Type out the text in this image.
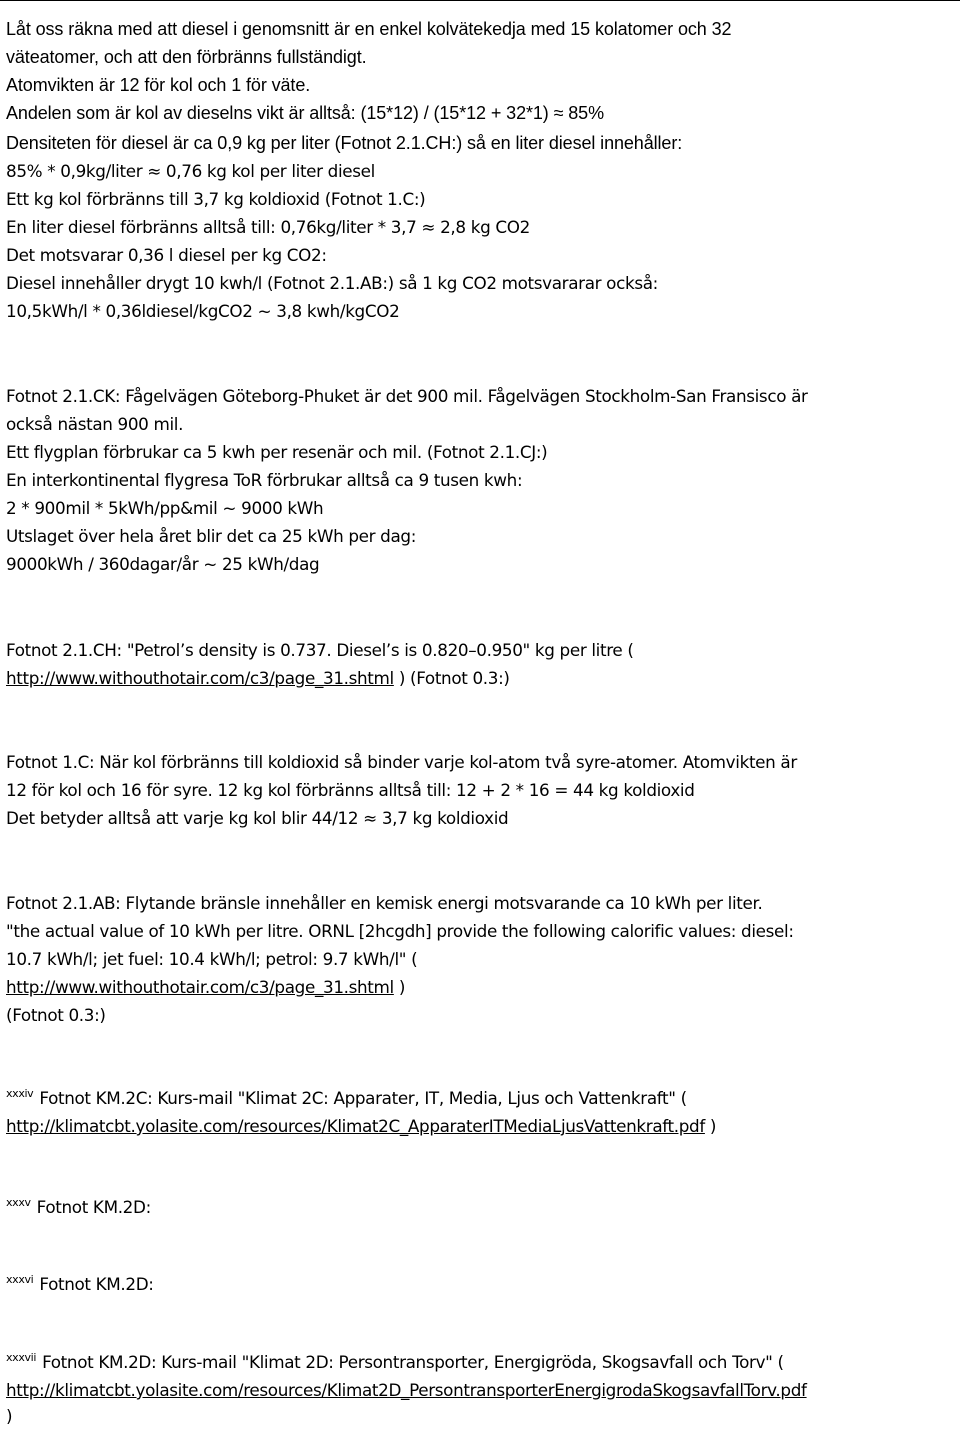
Låt oss räkna med att diesel i genomsnitt är en enkel kolvätekedja med 15 kolatomer och 32
väteatomer, och att den förbränns fullständigt.
Atomvikten är 12 för kol och 1 för väte.
Andelen som är kol av dieselns vikt är alltså: (15*12) / (15*12 + 32*1) ≈ 85%
Densiteten för diesel är ca 0,9 kg per liter (Fotnot 2.1.CH:) så en liter diesel innehåller:
85% * 0,9kg/liter ≈ 0,76 kg kol per liter diesel
Ett kg kol förbränns till 3,7 kg koldioxid (Fotnot 1.C:)
En liter diesel förbränns alltså till: 0,76kg/liter * 3,7 ≈ 2,8 kg CO2
Det motsvarar 0,36 l diesel per kg CO2:
Diesel innehåller drygt 10 kwh/l (Fotnot 2.1.AB:) så 1 kg CO2 motsvararar också:
10,5kWh/l * 0,36ldiesel/kgCO2 ~ 3,8 kwh/kgCO2
Fotnot 2.1.CK: Fågelvägen Göteborg-Phuket är det 900 mil. Fågelvägen Stockholm-San Fransisco är
också nästan 900 mil.
Ett flygplan förbrukar ca 5 kwh per resenär och mil. (Fotnot 2.1.CJ:)
En interkontinental flygresa ToR förbrukar alltså ca 9 tusen kwh:
2 * 900mil * 5kWh/pp&mil ~ 9000 kWh
Utslaget över hela året blir det ca 25 kWh per dag:
9000kWh / 360dagar/år ~ 25 kWh/dag
Fotnot 2.1.CH: "Petrol’s density is 0.737. Diesel’s is 0.820–0.950" kg per litre (
http://www.withouthotair.com/c3/page_31.shtml ) (Fotnot 0.3:)
Fotnot 1.C: När kol förbränns till koldioxid så binder varje kol-atom två syre-atomer. Atomvikten är
12 för kol och 16 för syre. 12 kg kol förbränns alltså till: 12 + 2 * 16 = 44 kg koldioxid
Det betyder alltså att varje kg kol blir 44/12 ≈ 3,7 kg koldioxid
Fotnot 2.1.AB: Flytande bränsle innehåller en kemisk energi motsvarande ca 10 kWh per liter.
"the actual value of 10 kWh per litre. ORNL [2hcgdh] provide the following calorific values: diesel:
10.7 kWh/l; jet fuel: 10.4 kWh/l; petrol: 9.7 kWh/l" (
http://www.withouthotair.com/c3/page_31.shtml )
(Fotnot 0.3:)
$^{xxxiv}$ Fotnot KM.2C: Kurs-mail "Klimat 2C: Apparater, IT, Media, Ljus och Vattenkraft" (
http://klimatcbt.yolasite.com/resources/Klimat2C_ApparaterITMediaLjusVattenkraft.pdf )
$^{xxxv}$ Fotnot KM.2D:
$^{xxxvi}$ Fotnot KM.2D:
$^{xxxvii}$ Fotnot KM.2D: Kurs-mail "Klimat 2D: Persontransporter, Energigröda, Skogsavfall och Torv" (
http://klimatcbt.yolasite.com/resources/Klimat2D_PersontransporterEnergigrodaSkogsavfallTorv.pdf
)
